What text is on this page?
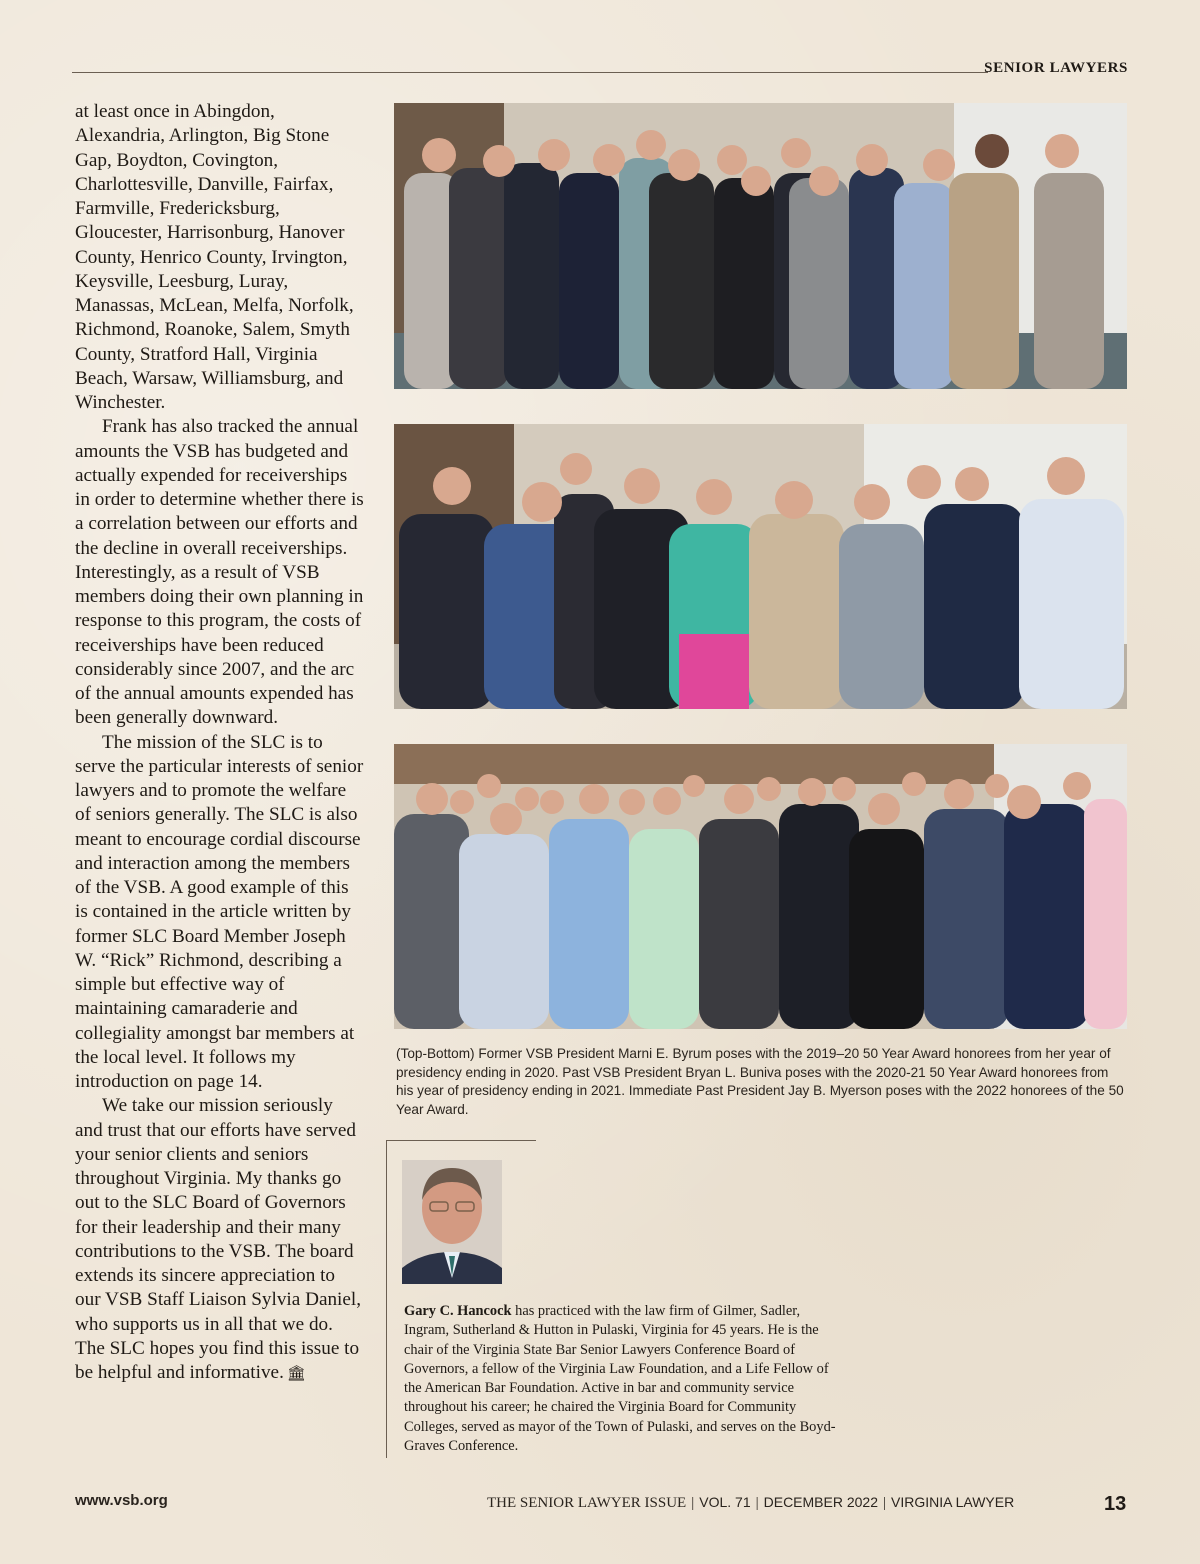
SENIOR LAWYERS

at least once in Abingdon, Alexandria, Arlington, Big Stone Gap, Boydton, Covington, Charlottesville, Danville, Fairfax, Farmville, Fredericksburg, Gloucester, Harrisonburg, Hanover County, Henrico County, Irvington, Keysville, Leesburg, Luray, Manassas, McLean, Melfa, Norfolk, Richmond, Roanoke, Salem, Smyth County, Stratford Hall, Virginia Beach, Warsaw, Williamsburg, and Winchester.

Frank has also tracked the annual amounts the VSB has budgeted and actually expended for receiverships in order to determine whether there is a correlation between our efforts and the decline in overall receiverships. Interestingly, as a result of VSB members doing their own planning in response to this program, the costs of receiverships have been reduced considerably since 2007, and the arc of the annual amounts expended has been generally downward.

The mission of the SLC is to serve the particular interests of senior lawyers and to promote the welfare of seniors generally. The SLC is also meant to encourage cordial discourse and interaction among the members of the VSB. A good example of this is contained in the article written by former SLC Board Member Joseph W. “Rick” Richmond, describing a simple but effective way of maintaining camaraderie and collegiality amongst bar members at the local level. It follows my introduction on page 14.

We take our mission seriously and trust that our efforts have served your senior clients and seniors throughout Virginia. My thanks go out to the SLC Board of Governors for their leadership and their many contributions to the VSB. The board extends its sincere appreciation to our VSB Staff Liaison Sylvia Daniel, who supports us in all that we do. The SLC hopes you find this issue to be helpful and informative. 🏛

(Top-Bottom) Former VSB President Marni E. Byrum poses with the 2019–20 50 Year Award honorees from her year of presidency ending in 2020. Past VSB President Bryan L. Buniva poses with the 2020-21 50 Year Award honorees from his year of presidency ending in 2021. Immediate Past President Jay B. Myerson poses with the 2022 honorees of the 50 Year Award.
Gary C. Hancock has practiced with the law firm of Gilmer, Sadler, Ingram, Sutherland & Hutton in Pulaski, Virginia for 45 years. He is the chair of the Virginia State Bar Senior Lawyers Conference Board of Governors, a fellow of the Virginia Law Foundation, and a Life Fellow of the American Bar Foundation. Active in bar and community service throughout his career; he chaired the Virginia Board for Community Colleges, served as mayor of the Town of Pulaski, and serves on the Boyd-Graves Conference.
www.vsb.org	THE SENIOR LAWYER ISSUE | VOL. 71 | DECEMBER 2022 | VIRGINIA LAWYER	13
